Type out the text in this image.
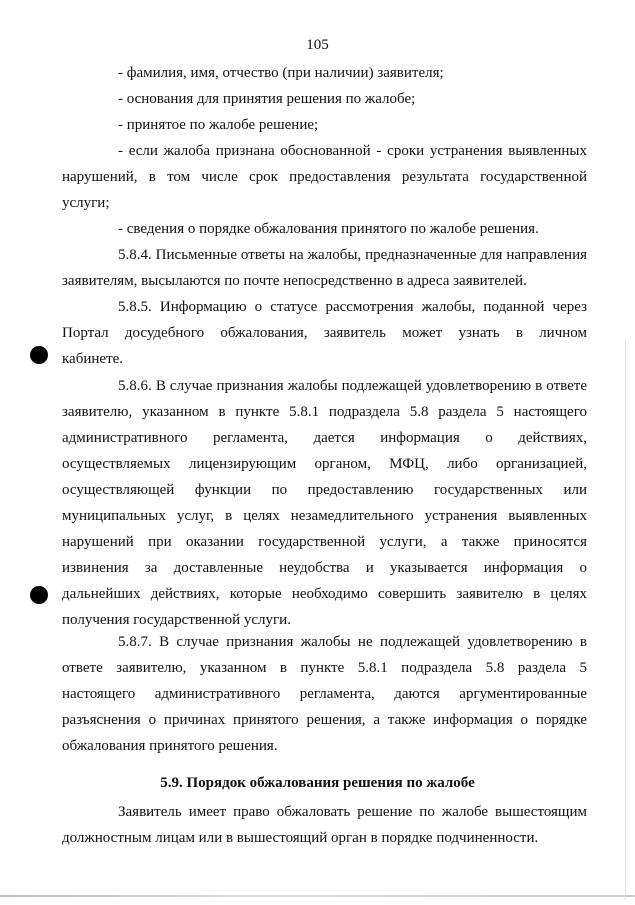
105
- фамилия, имя, отчество (при наличии) заявителя;
- основания для принятия решения по жалобе;
- принятое по жалобе решение;
- если жалоба признана обоснованной - сроки устранения выявленных
нарушений, в том числе срок предоставления результата государственной
услуги;
- сведения о порядке обжалования принятого по жалобе решения.
5.8.4. Письменные ответы на жалобы, предназначенные для направления
заявителям, высылаются по почте непосредственно в адреса заявителей.
5.8.5. Информацию о статусе рассмотрения жалобы, поданной через
Портал досудебного обжалования, заявитель может узнать в личном
кабинете.
5.8.6. В случае признания жалобы подлежащей удовлетворению в ответе
заявителю, указанном в пункте 5.8.1 подраздела 5.8 раздела 5 настоящего
административного регламента, дается информация о действиях,
осуществляемых лицензирующим органом, МФЦ, либо организацией,
осуществляющей функции по предоставлению государственных или
муниципальных услуг, в целях незамедлительного устранения выявленных
нарушений при оказании государственной услуги, а также приносятся
извинения за доставленные неудобства и указывается информация о
дальнейших действиях, которые необходимо совершить заявителю в целях
получения государственной услуги.
5.8.7. В случае признания жалобы не подлежащей удовлетворению в
ответе заявителю, указанном в пункте 5.8.1 подраздела 5.8 раздела 5
настоящего административного регламента, даются аргументированные
разъяснения о причинах принятого решения, а также информация о порядке
обжалования принятого решения.
5.9. Порядок обжалования решения по жалобе
Заявитель имеет право обжаловать решение по жалобе вышестоящим
должностным лицам или в вышестоящий орган в порядке подчиненности.
